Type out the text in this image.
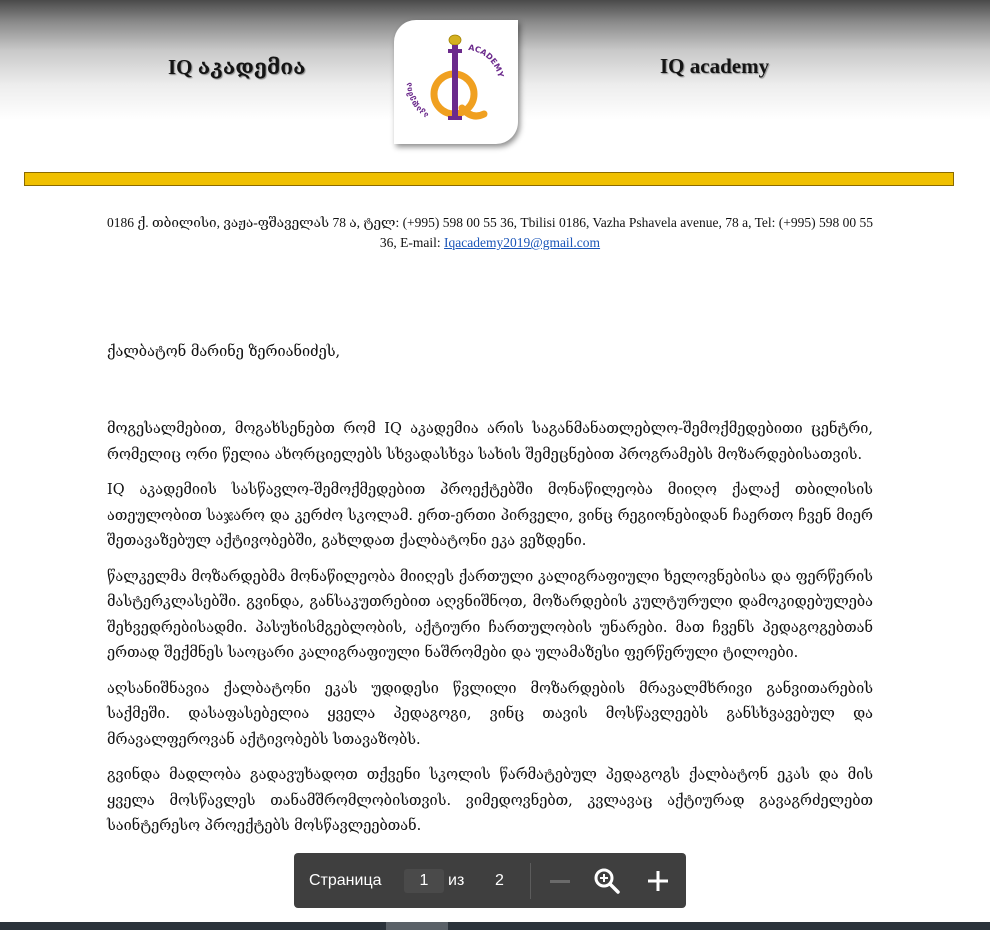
IQ აკადემია
აკადემია
ACADEMY	IQ academy
0186 ქ. თბილისი, ვაჟა-ფშაველას 78 ა, ტელ: (+995) 598 00 55 36, Tbilisi 0186, Vazha Pshavela avenue, 78 a, Tel: (+995) 598 00 55 36, E-mail: Iqacademy2019@gmail.com
ქალბატონ მარინე ზერიანიძეს,

მოგესალმებით, მოგახსენებთ რომ IQ აკადემია არის საგანმანათლებლო-შემოქმედებითი ცენტრი, რომელიც ორი წელია ახორციელებს სხვადასხვა სახის შემეცნებით პროგრამებს მოზარდებისათვის.

IQ აკადემიის სასწავლო-შემოქმედებით პროექტებში მონაწილეობა მიიღო ქალაქ თბილისის ათეულობით საჯარო და კერძო სკოლამ. ერთ-ერთი პირველი, ვინც რეგიონებიდან ჩაერთო ჩვენ მიერ შეთავაზებულ აქტივობებში, გახლდათ ქალბატონი ეკა ვეზდენი.

წალკელმა მოზარდებმა მონაწილეობა მიიღეს ქართული კალიგრაფიული ხელოვნებისა და ფერწერის მასტერკლასებში. გვინდა, განსაკუთრებით აღვნიშნოთ, მოზარდების კულტურული დამოკიდებულება შეხვედრებისადმი. პასუხისმგებლობის, აქტიური ჩართულობის უნარები. მათ ჩვენს პედაგოგებთან ერთად შექმნეს საოცარი კალიგრაფიული ნაშრომები და ულამაზესი ფერწერული ტილოები.

აღსანიშნავია ქალბატონი ეკას უდიდესი წვლილი მოზარდების მრავალმხრივი განვითარების საქმეში. დასაფასებელია ყველა პედაგოგი, ვინც თავის მოსწავლეებს განსხვავებულ და მრავალფეროვან აქტივობებს სთავაზობს.

გვინდა მადლობა გადავუხადოთ თქვენი სკოლის წარმატებულ პედაგოგს ქალბატონ ეკას და მის ყველა მოსწავლეს თანამშრომლობისთვის. ვიმედოვნებთ, კვლავაც აქტიურად გავაგრძელებთ საინტერესო პროექტებს მოსწავლეებთან.

Страница	1	из 2
